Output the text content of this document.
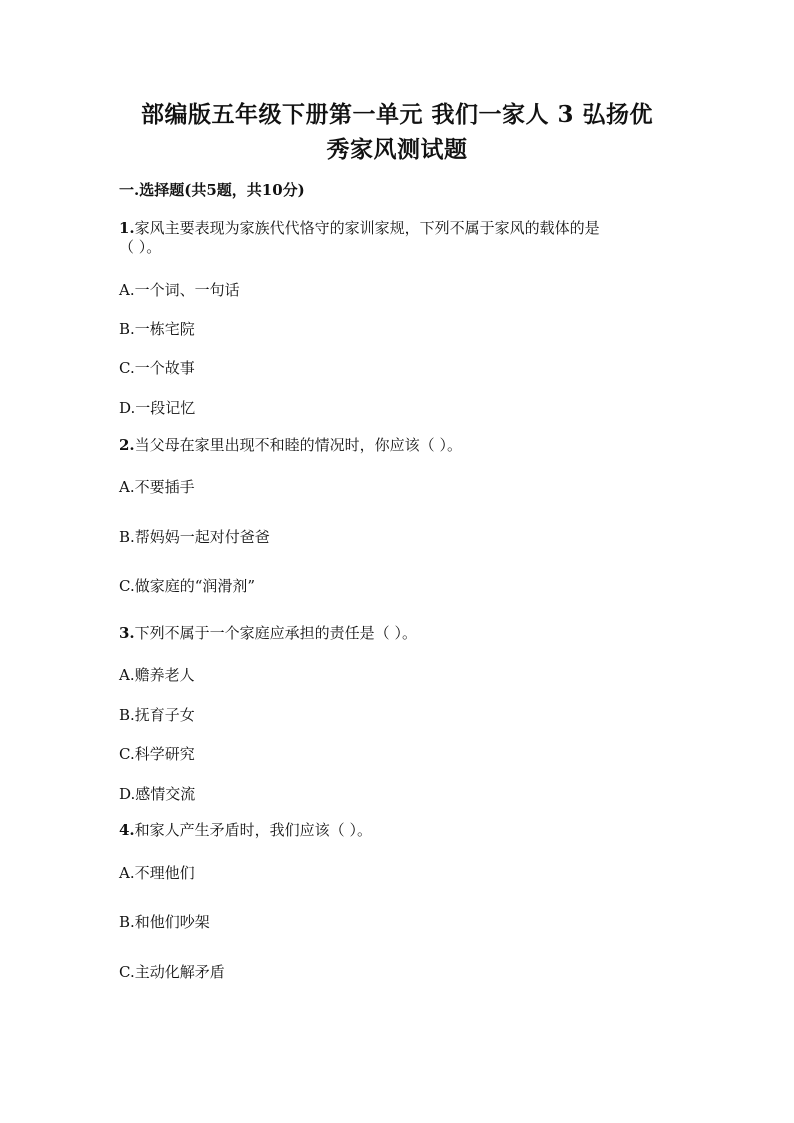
部编版五年级下册第一单元 我们一家人 3 弘扬优
秀家风测试题
一.选择题(共5题，共10分)
1.家风主要表现为家族代代恪守的家训家规，下列不属于家风的载体的是
（ ）。
A.一个词、一句话
B.一栋宅院
C.一个故事
D.一段记忆
2.当父母在家里出现不和睦的情况时，你应该（ ）。
A.不要插手
B.帮妈妈一起对付爸爸
C.做家庭的“润滑剂”
3.下列不属于一个家庭应承担的责任是（ ）。
A.赡养老人
B.抚育子女
C.科学研究
D.感情交流
4.和家人产生矛盾时，我们应该（ ）。
A.不理他们
B.和他们吵架
C.主动化解矛盾
